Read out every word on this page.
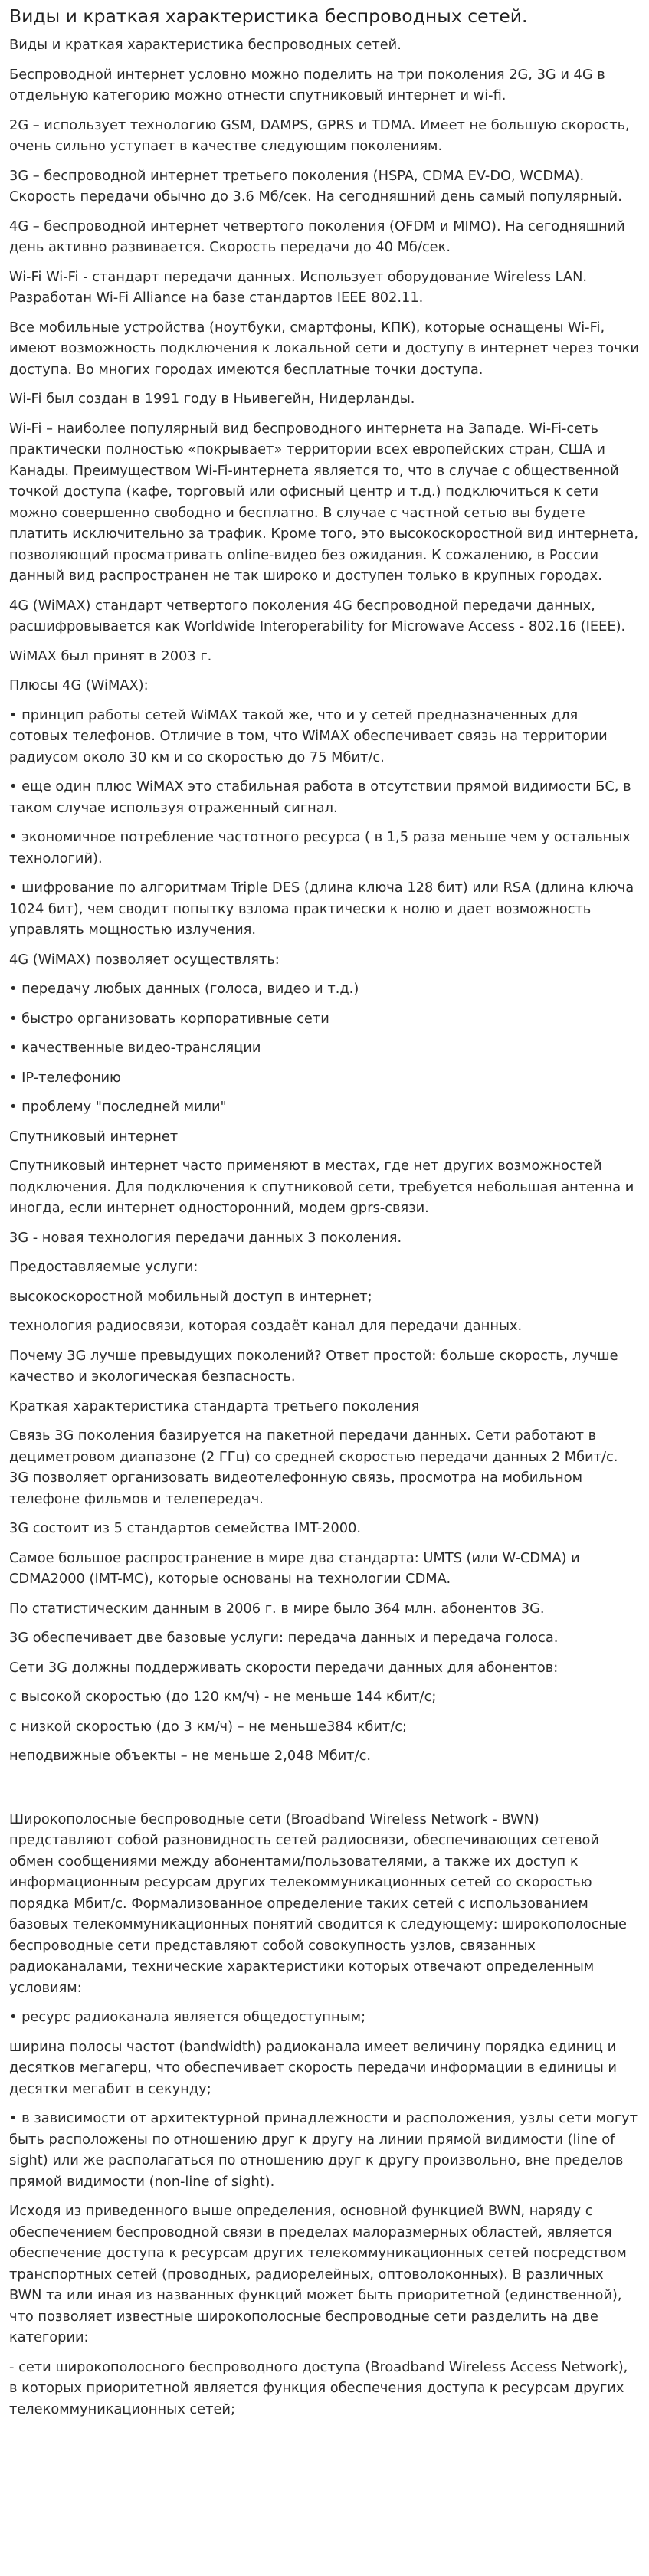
Виды и краткая характеристика беспроводных сетей.

Виды и краткая характеристика беспроводных сетей.

Беспроводной интернет условно можно поделить на три поколения 2G, 3G и 4G в отдельную категорию можно отнести спутниковый интернет и wi-fi.

2G – использует технологию GSM, DAMPS, GPRS и TDMA. Имеет не большую скорость, очень сильно уступает в качестве следующим поколениям.

3G – беспроводной интернет третьего поколения (HSPA, CDMA EV-DO, WCDMA). Скорость передачи обычно до 3.6 Мб/сек. На сегодняшний день самый популярный.

4G – беспроводной интернет четвертого поколения (OFDM и MIMO). На сегодняшний день активно развивается. Скорость передачи до 40 Мб/сек.

Wi-Fi Wi-Fi - стандарт передачи данных. Использует оборудование Wireless LAN. Разработан Wi-Fi Alliance на базе стандартов IEEE 802.11.

Все мобильные устройства (ноутбуки, смартфоны, КПК), которые оснащены Wi-Fi, имеют возможность подключения к локальной сети и доступу в интернет через точки доступа. Во многих городах имеются бесплатные точки доступа.

Wi-Fi был создан в 1991 году в Ньивегейн, Нидерланды.

Wi-Fi – наиболее популярный вид беспроводного интернета на Западе. Wi-Fi-сеть практически полностью «покрывает» территории всех европейских стран, США и Канады. Преимуществом Wi-Fi-интернета является то, что в случае с общественной точкой доступа (кафе, торговый или офисный центр и т.д.) подключиться к сети можно совершенно свободно и бесплатно. В случае с частной сетью вы будете платить исключительно за трафик. Кроме того, это высокоскоростной вид интернета, позволяющий просматривать online-видео без ожидания. К сожалению, в России данный вид распространен не так широко и доступен только в крупных городах.

4G (WiMAX) стандарт четвертого поколения 4G беспроводной передачи данных, расшифровывается как Worldwide Interoperability for Microwave Access - 802.16 (IEEE).

WiMAX был принят в 2003 г.

Плюсы 4G (WiMAX):

• принцип работы сетей WiMAX такой же, что и у сетей предназначенных для сотовых телефонов. Отличие в том, что WiMAX обеспечивает связь на территории радиусом около 30 км и со скоростью до 75 Мбит/с.

• еще один плюс WiMAX это стабильная работа в отсутствии прямой видимости БС, в таком случае используя отраженный сигнал.

• экономичное потребление частотного ресурса ( в 1,5 раза меньше чем у остальных технологий).

• шифрование по алгоритмам Triple DES (длина ключа 128 бит) или RSA (длина ключа 1024 бит), чем сводит попытку взлома практически к нолю и дает возможность управлять мощностью излучения.

4G (WiMAX) позволяет осуществлять:

• передачу любых данных (голоса, видео и т.д.)

• быстро организовать корпоративные сети

• качественные видео-трансляции

• IP-телефонию

• проблему "последней мили"

Спутниковый интернет

Спутниковый интернет часто применяют в местах, где нет других возможностей подключения. Для подключения к спутниковой сети, требуется небольшая антенна и иногда, если интернет односторонний, модем gprs-связи.

3G - новая технология передачи данных 3 поколения.

Предоставляемые услуги:

высокоскоростной мобильный доступ в интернет;

технология радиосвязи, которая создаёт канал для передачи данных.

Почему 3G лучше превыдущих поколений? Ответ простой: больше скорость, лучше качество и экологическая безпасность.

Краткая характеристика стандарта третьего поколения

Связь 3G поколения базируется на пакетной передачи данных. Сети работают в дециметровом диапазоне (2 ГГц) со средней скоростью передачи данных 2 Мбит/с. 3G позволяет организовать видеотелефонную связь, просмотра на мобильном телефоне фильмов и телепередач.

3G состоит из 5 стандартов семейства IMT-2000.

Самое большое распространение в мире два стандарта: UMTS (или W-CDMA) и CDMA2000 (IMT-MC), которые основаны на технологии CDMA.

По статистическим данным в 2006 г. в мире было 364 млн. абонентов 3G.

3G обеспечивает две базовые услуги: передача данных и передача голоса.

Сети 3G должны поддерживать скорости передачи данных для абонентов:

с высокой скоростью (до 120 км/ч) - не меньше 144 кбит/с;

с низкой скоростью (до 3 км/ч) – не меньше384 кбит/с;

неподвижные объекты – не меньше 2,048 Мбит/с.

Широкополосные беспроводные сети (Broadband Wireless Network - BWN) представляют собой разновидность сетей радиосвязи, обеспечивающих сетевой обмен сообщениями между абонентами/пользователями, а также их доступ к информационным ресурсам других телекоммуникационных сетей со скоростью порядка Мбит/с. Формализованное определение таких сетей с использованием базовых телекоммуникационных понятий сводится к следующему: широкополосные беспроводные сети представляют собой совокупность узлов, связанных радиоканалами, технические характеристики которых отвечают определенным условиям:

• ресурс радиоканала является общедоступным;

ширина полосы частот (bandwidth) радиоканала имеет величину порядка единиц и десятков мегагерц, что обеспечивает скорость передачи информации в единицы и десятки мегабит в секунду;

• в зависимости от архитектурной принадлежности и расположения, узлы сети могут быть расположены по отношению друг к другу на линии прямой видимости (line of sight) или же располагаться по отношению друг к другу произвольно, вне пределов прямой видимости (non-line of sight).

Исходя из приведенного выше определения, основной функцией BWN, наряду с обеспечением беспроводной связи в пределах малоразмерных областей, является обеспечение доступа к ресурсам других телекоммуникационных сетей посредством транспортных сетей (проводных, радиорелейных, оптоволоконных). В различных BWN та или иная из названных функций может быть приоритетной (единственной), что позволяет известные широкополосные беспроводные сети разделить на две категории:

- сети широкополосного беспроводного доступа (Broadband Wireless Access Network), в которых приоритетной является функция обеспечения доступа к ресурсам других телекоммуникационных сетей;
